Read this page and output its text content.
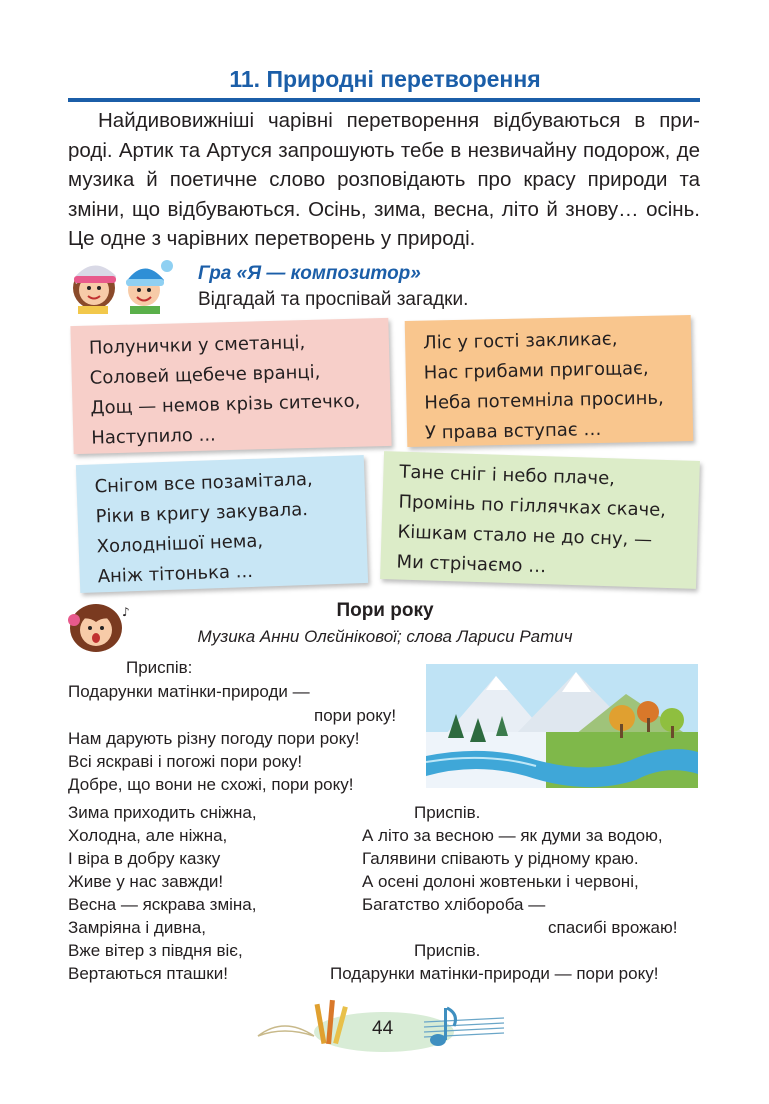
11. Природні перетворення
Найдивовижніші чарівні перетворення відбуваються в при- роді. Артик та Артуся запрошують тебе в незвичайну подорож, де музика й поетичне слово розповідають про красу природи та зміни, що відбуваються. Осінь, зима, весна, літо й знову… осінь. Це одне з чарівних перетворень у природі.
Гра «Я — композитор»
Відгадай та проспівай загадки.
Полунички у сметанці,
Соловей щебече вранці,
Дощ — немов крізь ситечко,
Наступило ...
Ліс у гості закликає,
Нас грибами пригощає,
Неба потемніла просинь,
У права вступає …
Снігом все позамітала,
Ріки в кригу закувала.
Холоднішої нема,
Аніж тітонька ...
Тане сніг і небо плаче,
Промінь по гіллячках скаче,
Кішкам стало не до сну, —
Ми стрічаємо …
♪	Пори року
Музика Анни Олєйнікової; слова Лариси Ратич
Приспів:
Подарунки матінки-природи —
пори року!
Нам дарують різну погоду пори року!
Всі яскраві і погожі пори року!
Добре, що вони не схожі, пори року!
Зима приходить сніжна,
Холодна, але ніжна,
І віра в добру казку
Живе у нас завжди!
Весна — яскрава зміна,
Замріяна і дивна,
Вже вітер з півдня віє,
Вертаються пташки!
Приспів.
А літо за весною — як думи за водою,
Галявини співають у рідному краю.
А осені долоні жовтеньки і червоні,
Багатство хлібороба —
спасибі врожаю!
Приспів.
Подарунки матінки-природи — пори року!
44
